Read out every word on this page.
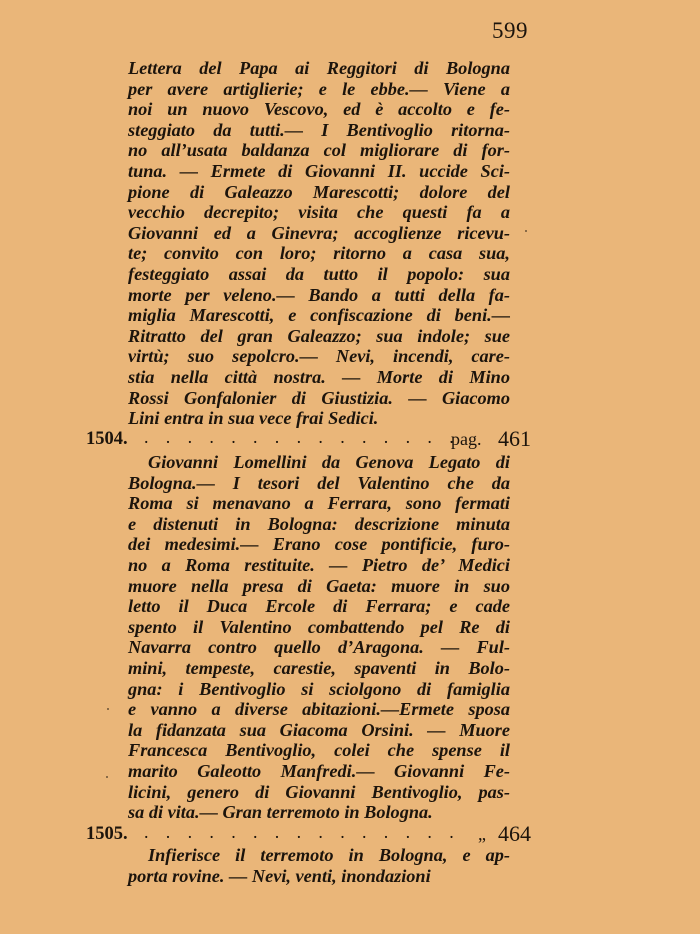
599
Lettera del Papa ai Reggitori di Bologna
per avere artiglierie; e le ebbe.— Viene a
noi un nuovo Vescovo, ed è accolto e fe-
steggiato da tutti.— I Bentivoglio ritorna-
no all’usata baldanza col migliorare di for-
tuna. — Ermete di Giovanni II. uccide Sci-
pione di Galeazzo Marescotti; dolore del
vecchio decrepito; visita che questi fa a
Giovanni ed a Ginevra; accoglienze ricevu-
te; convito con loro; ritorno a casa sua,
festeggiato assai da tutto il popolo: sua
morte per veleno.— Bando a tutti della fa-
miglia Marescotti, e confiscazione di beni.—
Ritratto del gran Galeazzo; sua indole; sue
virtù; suo sepolcro.— Nevi, incendi, care-
stia nella città nostra. — Morte di Mino
Rossi Gonfalonier di Giustizia. — Giacomo
Lini entra in sua vece frai Sedici.
1504. . . . . . . . . . . . . . . .
pag. 461
Giovanni Lomellini da Genova Legato di
Bologna.— I tesori del Valentino che da
Roma si menavano a Ferrara, sono fermati
e distenuti in Bologna: descrizione minuta
dei medesimi.— Erano cose pontificie, furo-
no a Roma restituite. — Pietro de’ Medici
muore nella presa di Gaeta: muore in suo
letto il Duca Ercole di Ferrara; e cade
spento il Valentino combattendo pel Re di
Navarra contro quello d’Aragona. — Ful-
mini, tempeste, carestie, spaventi in Bolo-
gna: i Bentivoglio si sciolgono di famiglia
e vanno a diverse abitazioni.—Ermete sposa
la fidanzata sua Giacoma Orsini. — Muore
Francesca Bentivoglio, colei che spense il
marito Galeotto Manfredi.— Giovanni Fe-
licini, genero di Giovanni Bentivoglio, pas-
sa di vita.— Gran terremoto in Bologna.
1505. . . . . . . . . . . . . . . . „ 464
Infierisce il terremoto in Bologna, e ap-
porta rovine. — Nevi, venti, inondazioni
